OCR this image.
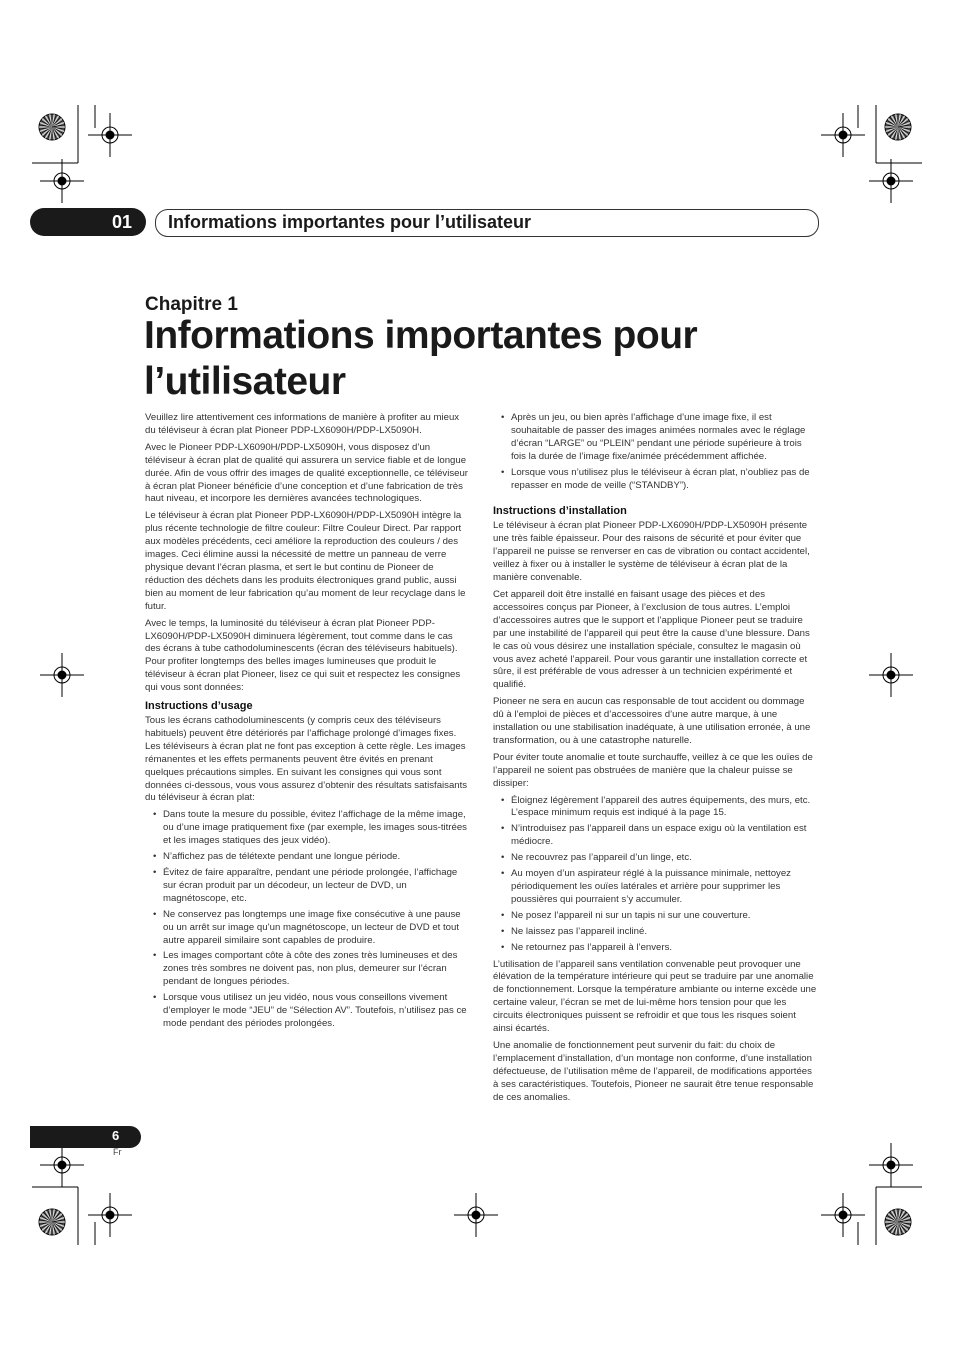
01 Informations importantes pour l’utilisateur
Chapitre 1
Informations importantes pour l’utilisateur

Veuillez lire attentivement ces informations de manière à profiter au mieux du téléviseur à écran plat Pioneer PDP-LX6090H/PDP-LX5090H.

Avec le Pioneer PDP-LX6090H/PDP-LX5090H, vous disposez d’un téléviseur à écran plat de qualité qui assurera un service fiable et de longue durée. Afin de vous offrir des images de qualité exceptionnelle, ce téléviseur à écran plat Pioneer bénéficie d’une conception et d’une fabrication de très haut niveau, et incorpore les dernières avancées technologiques.

Le téléviseur à écran plat Pioneer PDP-LX6090H/PDP-LX5090H intègre la plus récente technologie de filtre couleur: Filtre Couleur Direct. Par rapport aux modèles précédents, ceci améliore la reproduction des couleurs / des images. Ceci élimine aussi la nécessité de mettre un panneau de verre physique devant l’écran plasma, et sert le but continu de Pioneer de réduction des déchets dans les produits électroniques grand public, aussi bien au moment de leur fabrication qu’au moment de leur recyclage dans le futur.

Avec le temps, la luminosité du téléviseur à écran plat Pioneer PDP-LX6090H/PDP-LX5090H diminuera légèrement, tout comme dans le cas des écrans à tube cathodoluminescents (écran des téléviseurs habituels). Pour profiter longtemps des belles images lumineuses que produit le téléviseur à écran plat Pioneer, lisez ce qui suit et respectez les consignes qui vous sont données:

Instructions d’usage

Tous les écrans cathodoluminescents (y compris ceux des téléviseurs habituels) peuvent être détériorés par l’affichage prolongé d’images fixes. Les téléviseurs à écran plat ne font pas exception à cette règle. Les images rémanentes et les effets permanents peuvent être évités en prenant quelques précautions simples. En suivant les consignes qui vous sont données ci-dessous, vous vous assurez d’obtenir des résultats satisfaisants du téléviseur à écran plat:

• Dans toute la mesure du possible, évitez l’affichage de la même image, ou d’une image pratiquement fixe (par exemple, les images sous-titrées et les images statiques des jeux vidéo).
• N’affichez pas de télétexte pendant une longue période.
• Évitez de faire apparaître, pendant une période prolongée, l’affichage sur écran produit par un décodeur, un lecteur de DVD, un magnétoscope, etc.
• Ne conservez pas longtemps une image fixe consécutive à une pause ou un arrêt sur image qu’un magnétoscope, un lecteur de DVD et tout autre appareil similaire sont capables de produire.
• Les images comportant côte à côte des zones très lumineuses et des zones très sombres ne doivent pas, non plus, demeurer sur l’écran pendant de longues périodes.
• Lorsque vous utilisez un jeu vidéo, nous vous conseillons vivement d’employer le mode “JEU” de “Sélection AV”. Toutefois, n’utilisez pas ce mode pendant des périodes prolongées.
• Après un jeu, ou bien après l’affichage d’une image fixe, il est souhaitable de passer des images animées normales avec le réglage d’écran “LARGE” ou “PLEIN” pendant une période supérieure à trois fois la durée de l’image fixe/animée précédemment affichée.
• Lorsque vous n’utilisez plus le téléviseur à écran plat, n’oubliez pas de repasser en mode de veille (“STANDBY”).
Instructions d’installation

Le téléviseur à écran plat Pioneer PDP-LX6090H/PDP-LX5090H présente une très faible épaisseur. Pour des raisons de sécurité et pour éviter que l’appareil ne puisse se renverser en cas de vibration ou contact accidentel, veillez à fixer ou à installer le système de téléviseur à écran plat de la manière convenable.

Cet appareil doit être installé en faisant usage des pièces et des accessoires conçus par Pioneer, à l’exclusion de tous autres. L’emploi d’accessoires autres que le support et l’applique Pioneer peut se traduire par une instabilité de l’appareil qui peut être la cause d’une blessure. Dans le cas où vous désirez une installation spéciale, consultez le magasin où vous avez acheté l’appareil. Pour vous garantir une installation correcte et sûre, il est préférable de vous adresser à un technicien expérimenté et qualifié.

Pioneer ne sera en aucun cas responsable de tout accident ou dommage dû à l’emploi de pièces et d’accessoires d’une autre marque, à une installation ou une stabilisation inadéquate, à une utilisation erronée, à une transformation, ou à une catastrophe naturelle.

Pour éviter toute anomalie et toute surchauffe, veillez à ce que les ouïes de l’appareil ne soient pas obstruées de manière que la chaleur puisse se dissiper:

• Éloignez légèrement l’appareil des autres équipements, des murs, etc. L’espace minimum requis est indiqué à la page 15.
• N’introduisez pas l’appareil dans un espace exigu où la ventilation est médiocre.
• Ne recouvrez pas l’appareil d’un linge, etc.
• Au moyen d’un aspirateur réglé à la puissance minimale, nettoyez périodiquement les ouïes latérales et arrière pour supprimer les poussières qui pourraient s’y accumuler.
• Ne posez l’appareil ni sur un tapis ni sur une couverture.
• Ne laissez pas l’appareil incliné.
• Ne retournez pas l’appareil à l’envers.

L’utilisation de l’appareil sans ventilation convenable peut provoquer une élévation de la température intérieure qui peut se traduire par une anomalie de fonctionnement. Lorsque la température ambiante ou interne excède une certaine valeur, l’écran se met de lui-même hors tension pour que les circuits électroniques puissent se refroidir et que tous les risques soient ainsi écartés.

Une anomalie de fonctionnement peut survenir du fait: du choix de l’emplacement d’installation, d’un montage non conforme, d’une installation défectueuse, de l’utilisation même de l’appareil, de modifications apportées à ses caractéristiques. Toutefois, Pioneer ne saurait être tenue responsable de ces anomalies.

6
Fr
